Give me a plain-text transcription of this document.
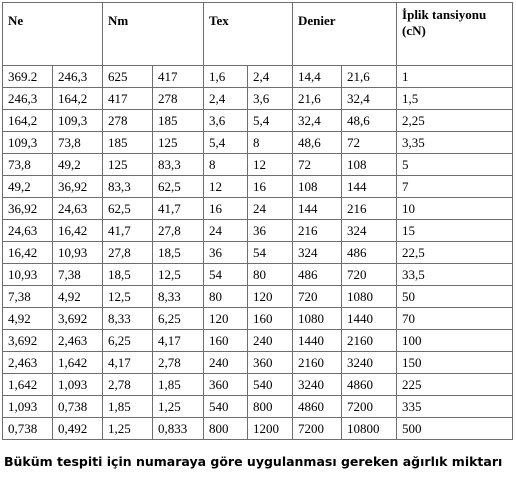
Ne		Nm		Tex		Denier		İplik tansiyonu
(cN)
369.2	246,3	625	417	1,6	2,4	14,4	21,6	1
246,3	164,2	417	278	2,4	3,6	21,6	32,4	1,5
164,2	109,3	278	185	3,6	5,4	32,4	48,6	2,25
109,3	73,8	185	125	5,4	8	48,6	72	3,35
73,8	49,2	125	83,3	8	12	72	108	5
49,2	36,92	83,3	62,5	12	16	108	144	7
36,92	24,63	62,5	41,7	16	24	144	216	10
24,63	16,42	41,7	27,8	24	36	216	324	15
16,42	10,93	27,8	18,5	36	54	324	486	22,5
10,93	7,38	18,5	12,5	54	80	486	720	33,5
7,38	4,92	12,5	8,33	80	120	720	1080	50
4,92	3,692	8,33	6,25	120	160	1080	1440	70
3,692	2,463	6,25	4,17	160	240	1440	2160	100
2,463	1,642	4,17	2,78	240	360	2160	3240	150
1,642	1,093	2,78	1,85	360	540	3240	4860	225
1,093	0,738	1,85	1,25	540	800	4860	7200	335
0,738	0,492	1,25	0,833	800	1200	7200	10800	500
Büküm tespiti için numaraya göre uygulanması gereken ağırlık miktarı
